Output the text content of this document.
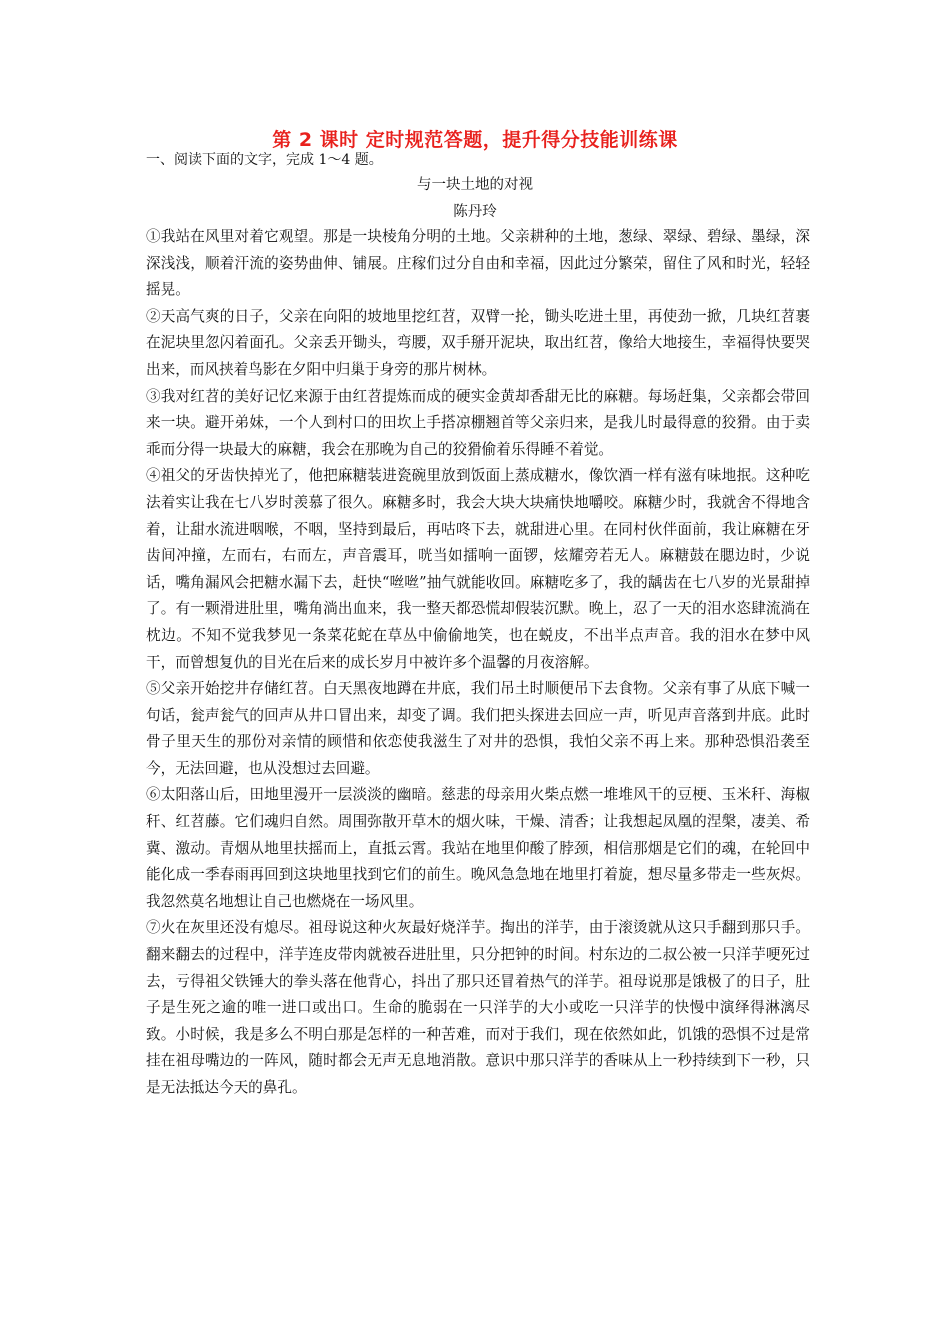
第 2 课时 定时规范答题，提升得分技能训练课
一、阅读下面的文字，完成 1～4 题。
与一块土地的对视
陈丹玲

①我站在风里对着它观望。那是一块棱角分明的土地。父亲耕种的土地，葱绿、翠绿、碧绿、墨绿，深深浅浅，顺着汗流的姿势曲伸、铺展。庄稼们过分自由和幸福，因此过分繁荣，留住了风和时光，轻轻摇晃。

②天高气爽的日子，父亲在向阳的坡地里挖红苕，双臂一抡，锄头吃进土里，再使劲一掀，几块红苕裹在泥块里忽闪着面孔。父亲丢开锄头，弯腰，双手掰开泥块，取出红苕，像给大地接生，幸福得快要哭出来，而风挟着鸟影在夕阳中归巢于身旁的那片树林。

③我对红苕的美好记忆来源于由红苕提炼而成的硬实金黄却香甜无比的麻糖。每场赶集，父亲都会带回来一块。避开弟妹，一个人到村口的田坎上手搭凉棚翘首等父亲归来，是我儿时最得意的狡猾。由于卖乖而分得一块最大的麻糖，我会在那晚为自己的狡猾偷着乐得睡不着觉。

④祖父的牙齿快掉光了，他把麻糖装进瓷碗里放到饭面上蒸成糖水，像饮酒一样有滋有味地抿。这种吃法着实让我在七八岁时羡慕了很久。麻糖多时，我会大块大块痛快地嚼咬。麻糖少时，我就舍不得地含着，让甜水流进咽喉，不咽，坚持到最后，再咕咚下去，就甜进心里。在同村伙伴面前，我让麻糖在牙齿间冲撞，左而右，右而左，声音震耳，咣当如擂响一面锣，炫耀旁若无人。麻糖鼓在腮边时，少说话，嘴角漏风会把糖水漏下去，赶快“咝咝”抽气就能收回。麻糖吃多了，我的龋齿在七八岁的光景甜掉了。有一颗滑进肚里，嘴角淌出血来，我一整天都恐慌却假装沉默。晚上，忍了一天的泪水恣肆流淌在枕边。不知不觉我梦见一条菜花蛇在草丛中偷偷地笑，也在蜕皮，不出半点声音。我的泪水在梦中风干，而曾想复仇的目光在后来的成长岁月中被许多个温馨的月夜溶解。

⑤父亲开始挖井存储红苕。白天黑夜地蹲在井底，我们吊土时顺便吊下去食物。父亲有事了从底下喊一句话，瓮声瓮气的回声从井口冒出来，却变了调。我们把头探进去回应一声，听见声音落到井底。此时骨子里天生的那份对亲情的顾惜和依恋使我滋生了对井的恐惧，我怕父亲不再上来。那种恐惧沿袭至今，无法回避，也从没想过去回避。

⑥太阳落山后，田地里漫开一层淡淡的幽暗。慈悲的母亲用火柴点燃一堆堆风干的豆梗、玉米秆、海椒秆、红苕藤。它们魂归自然。周围弥散开草木的烟火味，干燥、清香；让我想起凤凰的涅槃，凄美、希冀、激动。青烟从地里扶摇而上，直抵云霄。我站在地里仰酸了脖颈，相信那烟是它们的魂，在轮回中能化成一季春雨再回到这块地里找到它们的前生。晚风急急地在地里打着旋，想尽量多带走一些灰烬。我忽然莫名地想让自己也燃烧在一场风里。

⑦火在灰里还没有熄尽。祖母说这种火灰最好烧洋芋。掏出的洋芋，由于滚烫就从这只手翻到那只手。翻来翻去的过程中，洋芋连皮带肉就被吞进肚里，只分把钟的时间。村东边的二叔公被一只洋芋哽死过去，亏得祖父铁锤大的拳头落在他背心，抖出了那只还冒着热气的洋芋。祖母说那是饿极了的日子，肚子是生死之逾的唯一进口或出口。生命的脆弱在一只洋芋的大小或吃一只洋芋的快慢中演绎得淋漓尽致。小时候，我是多么不明白那是怎样的一种苦难，而对于我们，现在依然如此，饥饿的恐惧不过是常挂在祖母嘴边的一阵风，随时都会无声无息地消散。意识中那只洋芋的香味从上一秒持续到下一秒，只是无法抵达今天的鼻孔。
